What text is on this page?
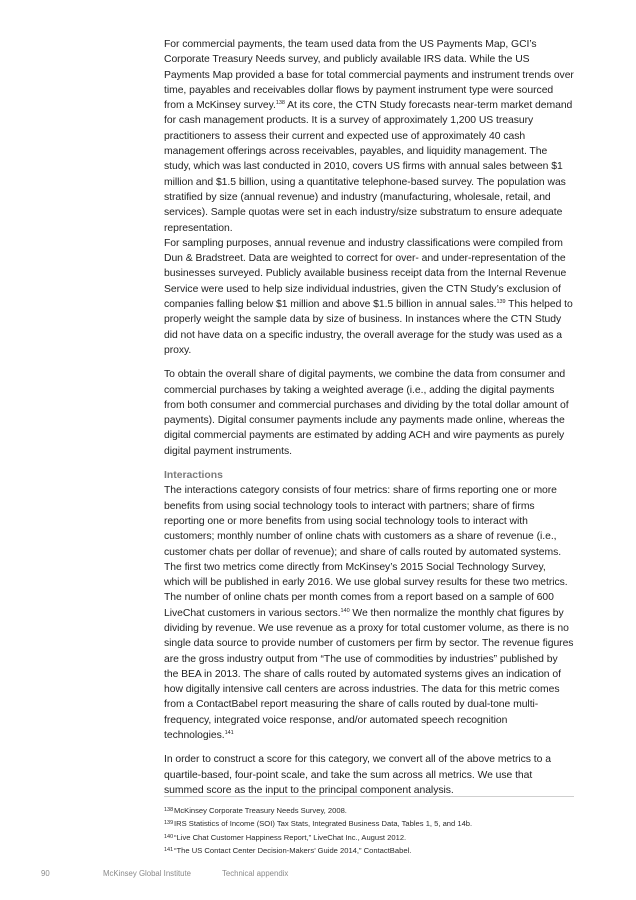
For commercial payments, the team used data from the US Payments Map, GCI’s Corporate Treasury Needs survey, and publicly available IRS data. While the US Payments Map provided a base for total commercial payments and instrument trends over time, payables and receivables dollar flows by payment instrument type were sourced from a McKinsey survey.$^{138}$ At its core, the CTN Study forecasts near-term market demand for cash management products. It is a survey of approximately 1,200 US treasury practitioners to assess their current and expected use of approximately 40 cash management offerings across receivables, payables, and liquidity management. The study, which was last conducted in 2010, covers US firms with annual sales between $1 million and $1.5 billion, using a quantitative telephone-based survey. The population was stratified by size (annual revenue) and industry (manufacturing, wholesale, retail, and services). Sample quotas were set in each industry/size substratum to ensure adequate representation.

For sampling purposes, annual revenue and industry classifications were compiled from Dun & Bradstreet. Data are weighted to correct for over- and under-representation of the businesses surveyed. Publicly available business receipt data from the Internal Revenue Service were used to help size individual industries, given the CTN Study’s exclusion of companies falling below $1 million and above $1.5 billion in annual sales.$^{139}$ This helped to properly weight the sample data by size of business. In instances where the CTN Study did not have data on a specific industry, the overall average for the study was used as a proxy.

To obtain the overall share of digital payments, we combine the data from consumer and commercial purchases by taking a weighted average (i.e., adding the digital payments from both consumer and commercial purchases and dividing by the total dollar amount of payments). Digital consumer payments include any payments made online, whereas the digital commercial payments are estimated by adding ACH and wire payments as purely digital payment instruments.

Interactions

The interactions category consists of four metrics: share of firms reporting one or more benefits from using social technology tools to interact with partners; share of firms reporting one or more benefits from using social technology tools to interact with customers; monthly number of online chats with customers as a share of revenue (i.e., customer chats per dollar of revenue); and share of calls routed by automated systems. The first two metrics come directly from McKinsey’s 2015 Social Technology Survey, which will be published in early 2016. We use global survey results for these two metrics. The number of online chats per month comes from a report based on a sample of 600 LiveChat customers in various sectors.$^{140}$ We then normalize the monthly chat figures by dividing by revenue. We use revenue as a proxy for total customer volume, as there is no single data source to provide number of customers per firm by sector. The revenue figures are the gross industry output from “The use of commodities by industries” published by the BEA in 2013. The share of calls routed by automated systems gives an indication of how digitally intensive call centers are across industries. The data for this metric comes from a ContactBabel report measuring the share of calls routed by dual-tone multi-frequency, integrated voice response, and/or automated speech recognition technologies.$^{141}$

In order to construct a score for this category, we convert all of the above metrics to a quartile-based, four-point scale, and take the sum across all metrics. We use that summed score as the input to the principal component analysis.

138McKinsey Corporate Treasury Needs Survey, 2008.
139IRS Statistics of Income (SOI) Tax Stats, Integrated Business Data, Tables 1, 5, and 14b.
140“Live Chat Customer Happiness Report,” LiveChat Inc., August 2012.
141“The US Contact Center Decision-Makers’ Guide 2014,” ContactBabel.
90	McKinsey Global Institute	Technical appendix
